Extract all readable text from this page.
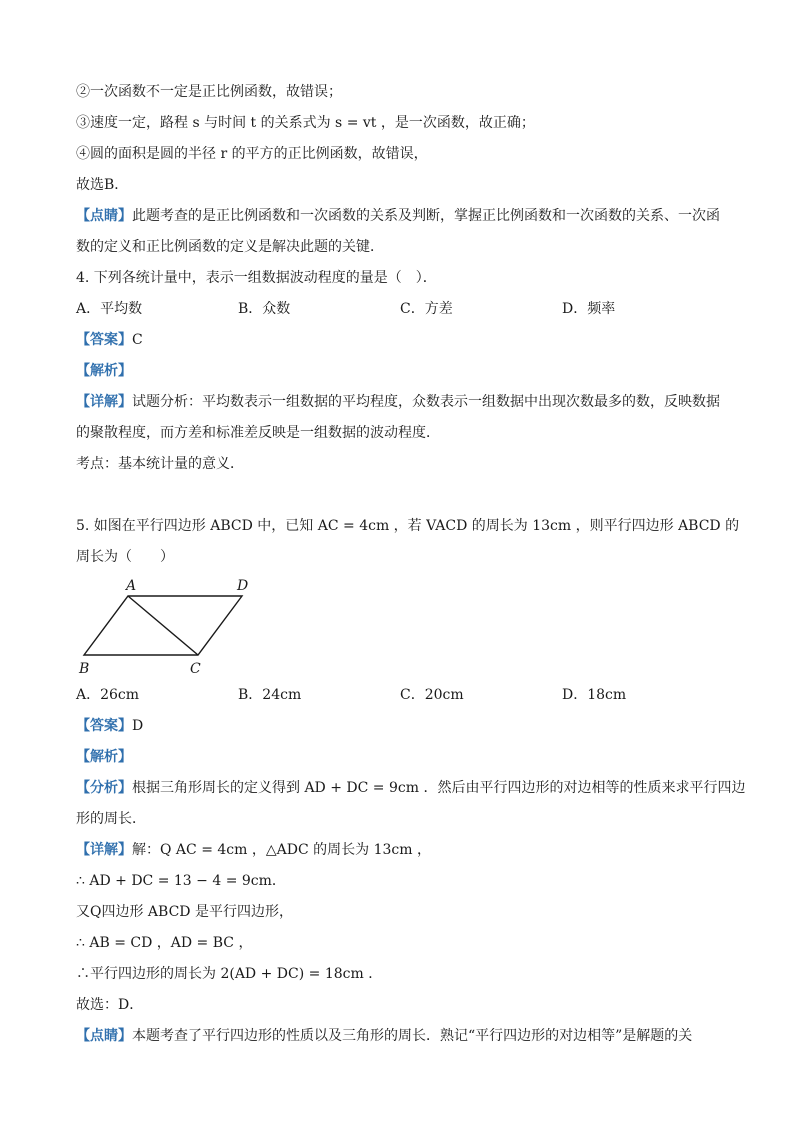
②一次函数不一定是正比例函数，故错误；
③速度一定，路程 s 与时间 t 的关系式为 s = vt ，是一次函数，故正确；
④圆的面积是圆的半径 r 的平方的正比例函数，故错误，
故选B．
【点睛】此题考查的是正比例函数和一次函数的关系及判断，掌握正比例函数和一次函数的关系、一次函
数的定义和正比例函数的定义是解决此题的关键．
4. 下列各统计量中，表示一组数据波动程度的量是（　）．
A．平均数	B．众数	C．方差	D．频率
【答案】C
【解析】
【详解】试题分析：平均数表示一组数据的平均程度，众数表示一组数据中出现次数最多的数，反映数据
的聚散程度，而方差和标准差反映是一组数据的波动程度．
考点：基本统计量的意义．
5. 如图在平行四边形 ABCD 中，已知 AC = 4cm ，若 VACD 的周长为 13cm ，则平行四边形 ABCD 的
周长为（　　）
A	D
B	C
A．26cm	B．24cm	C．20cm	D．18cm
【答案】D
【解析】
【分析】根据三角形周长的定义得到 AD + DC = 9cm ．然后由平行四边形的对边相等的性质来求平行四边
形的周长．
【详解】解：Q AC = 4cm ，△ADC 的周长为 13cm ，
∴ AD + DC = 13 − 4 = 9cm．
又Q四边形 ABCD 是平行四边形，
∴ AB = CD ，AD = BC ，
∴平行四边形的周长为 2(AD + DC) = 18cm ．
故选：D．
【点睛】本题考查了平行四边形的性质以及三角形的周长．熟记“平行四边形的对边相等”是解题的关
